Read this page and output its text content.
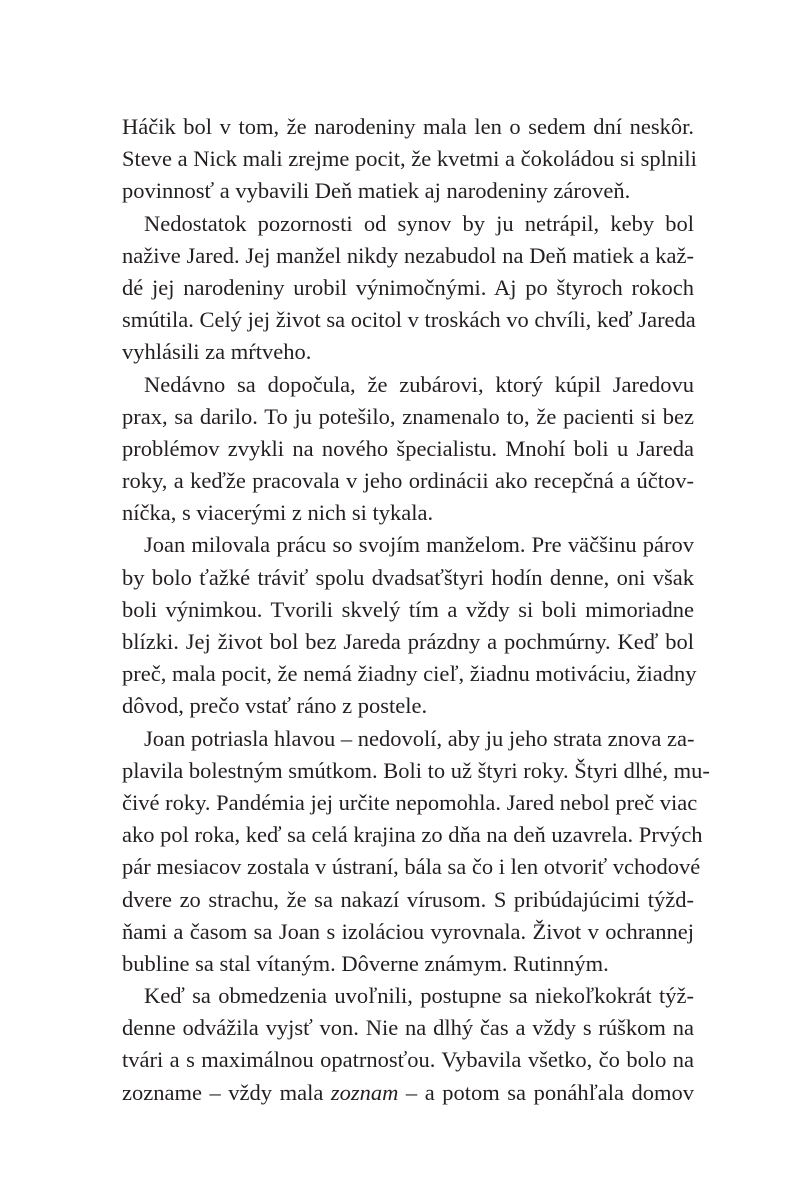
Háčik bol v tom, že narodeniny mala len o sedem dní neskôr.
Steve a Nick mali zrejme pocit, že kvetmi a čokoládou si splnili
povinnosť a vybavili Deň matiek aj narodeniny zároveň.

Nedostatok pozornosti od synov by ju netrápil, keby bol
nažive Jared. Jej manžel nikdy nezabudol na Deň matiek a kaž-
dé jej narodeniny urobil výnimočnými. Aj po štyroch rokoch
smútila. Celý jej život sa ocitol v troskách vo chvíli, keď Jareda
vyhlásili za mŕtveho.

Nedávno sa dopočula, že zubárovi, ktorý kúpil Jaredovu
prax, sa darilo. To ju potešilo, znamenalo to, že pacienti si bez
problémov zvykli na nového špecialistu. Mnohí boli u Jareda
roky, a keďže pracovala v jeho ordinácii ako recepčná a účtov-
níčka, s viacerými z nich si tykala.

Joan milovala prácu so svojím manželom. Pre väčšinu párov
by bolo ťažké tráviť spolu dvadsaťštyri hodín denne, oni však
boli výnimkou. Tvorili skvelý tím a vždy si boli mimoriadne
blízki. Jej život bol bez Jareda prázdny a pochmúrny. Keď bol
preč, mala pocit, že nemá žiadny cieľ, žiadnu motiváciu, žiadny
dôvod, prečo vstať ráno z postele.

Joan potriasla hlavou – nedovolí, aby ju jeho strata znova za-
plavila bolestným smútkom. Boli to už štyri roky. Štyri dlhé, mu-
čivé roky. Pandémia jej určite nepomohla. Jared nebol preč viac
ako pol roka, keď sa celá krajina zo dňa na deň uzavrela. Prvých
pár mesiacov zostala v ústraní, bála sa čo i len otvoriť vchodové
dvere zo strachu, že sa nakazí vírusom. S pribúdajúcimi týžd-
ňami a časom sa Joan s izoláciou vyrovnala. Život v ochrannej
bubline sa stal vítaným. Dôverne známym. Rutinným.

Keď sa obmedzenia uvoľnili, postupne sa niekoľkokrát týž-
denne odvážila vyjsť von. Nie na dlhý čas a vždy s rúškom na
tvári a s maximálnou opatrnosťou. Vybavila všetko, čo bolo na
zozname – vždy mala zoznam – a potom sa ponáhľala domov
